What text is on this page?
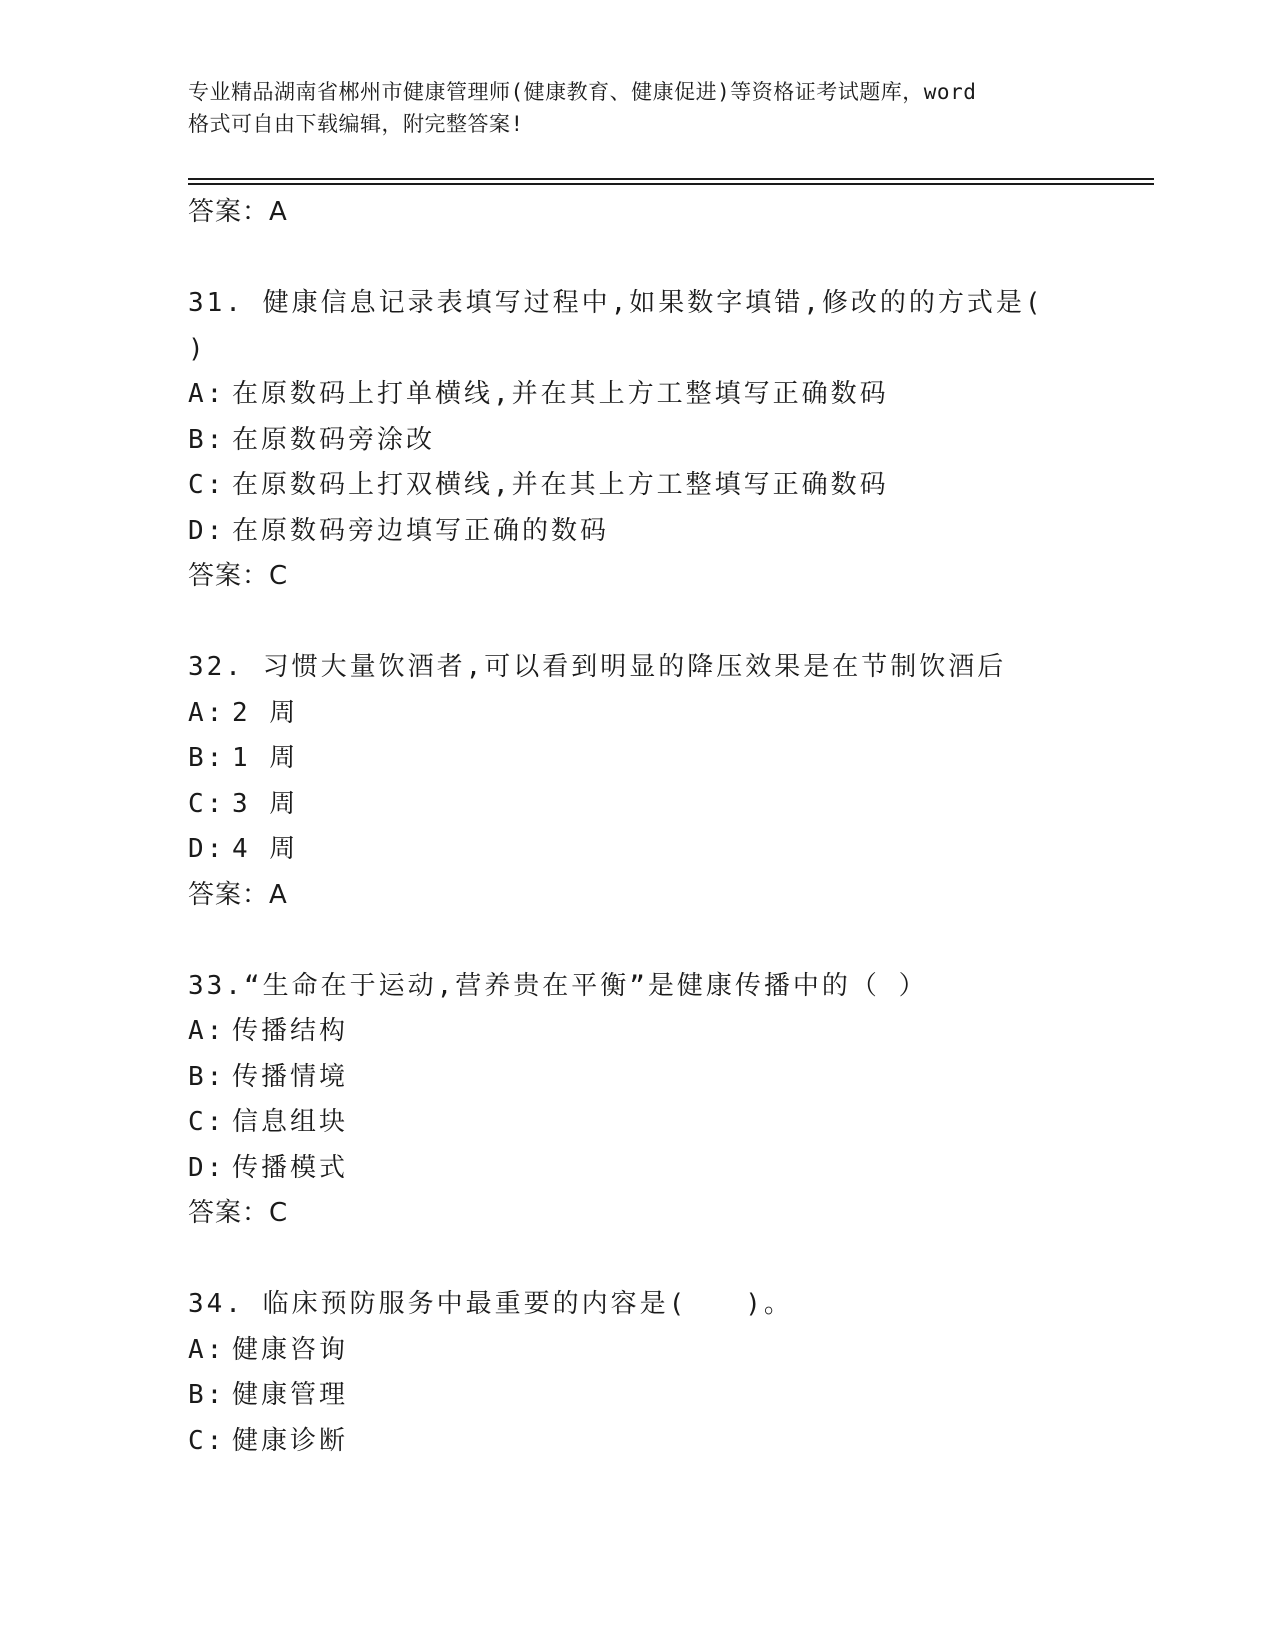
专业精品湖南省郴州市健康管理师(健康教育、健康促进)等资格证考试题库，word
格式可自由下载编辑，附完整答案!
答案：A
31. 健康信息记录表填写过程中,如果数字填错,修改的的方式是(
)
A: 在原数码上打单横线,并在其上方工整填写正确数码
B: 在原数码旁涂改
C: 在原数码上打双横线,并在其上方工整填写正确数码
D: 在原数码旁边填写正确的数码
答案：C
32. 习惯大量饮酒者,可以看到明显的降压效果是在节制饮酒后
A: 2 周
B: 1 周
C: 3 周
D: 4 周
答案：A
33.“生命在于运动,营养贵在平衡”是健康传播中的（ ）
A: 传播结构
B: 传播情境
C: 信息组块
D: 传播模式
答案：C
34. 临床预防服务中最重要的内容是(　　)。
A: 健康咨询
B: 健康管理
C: 健康诊断
